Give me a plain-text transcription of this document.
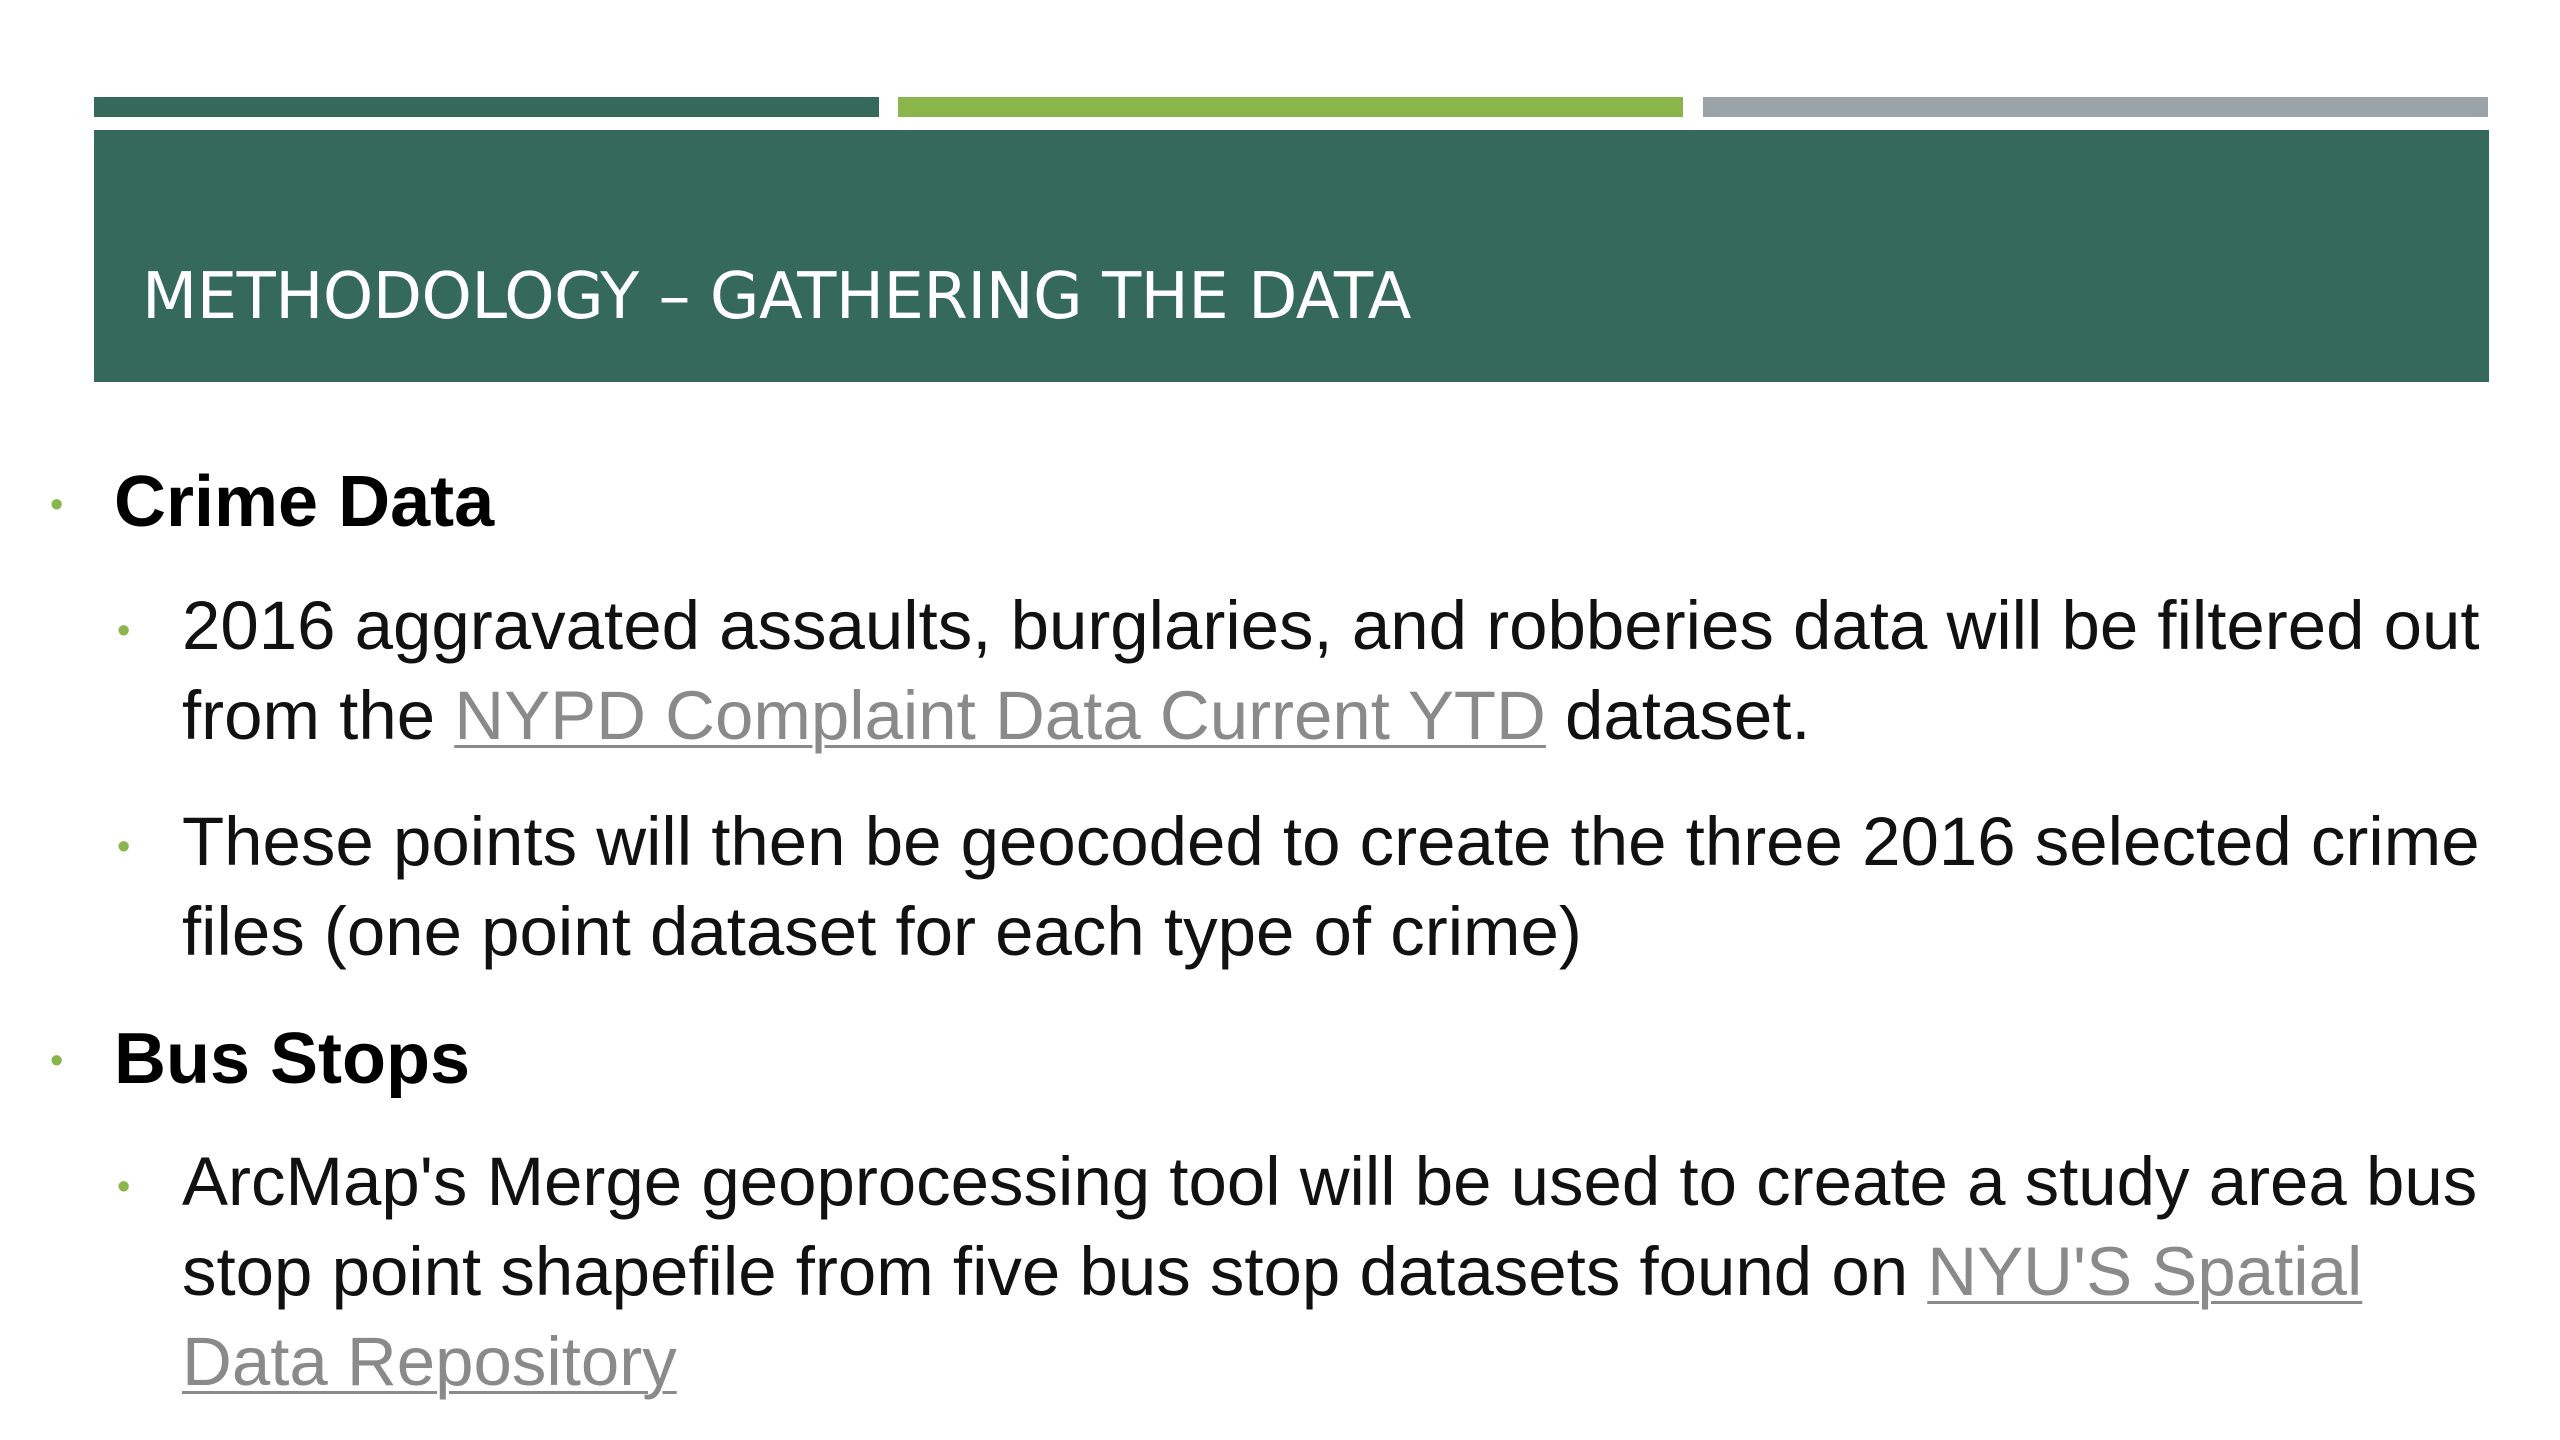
METHODOLOGY – GATHERING THE DATA
• Crime Data
• 2016 aggravated assaults, burglaries, and robberies data will be filtered out from the NYPD Complaint Data Current YTD dataset.

• These points will then be geocoded to create the three 2016 selected crime files (one point dataset for each type of crime)

• Bus Stops
• ArcMap's Merge geoprocessing tool will be used to create a study area bus stop point shapefile from five bus stop datasets found on NYU'S Spatial Data Repository
